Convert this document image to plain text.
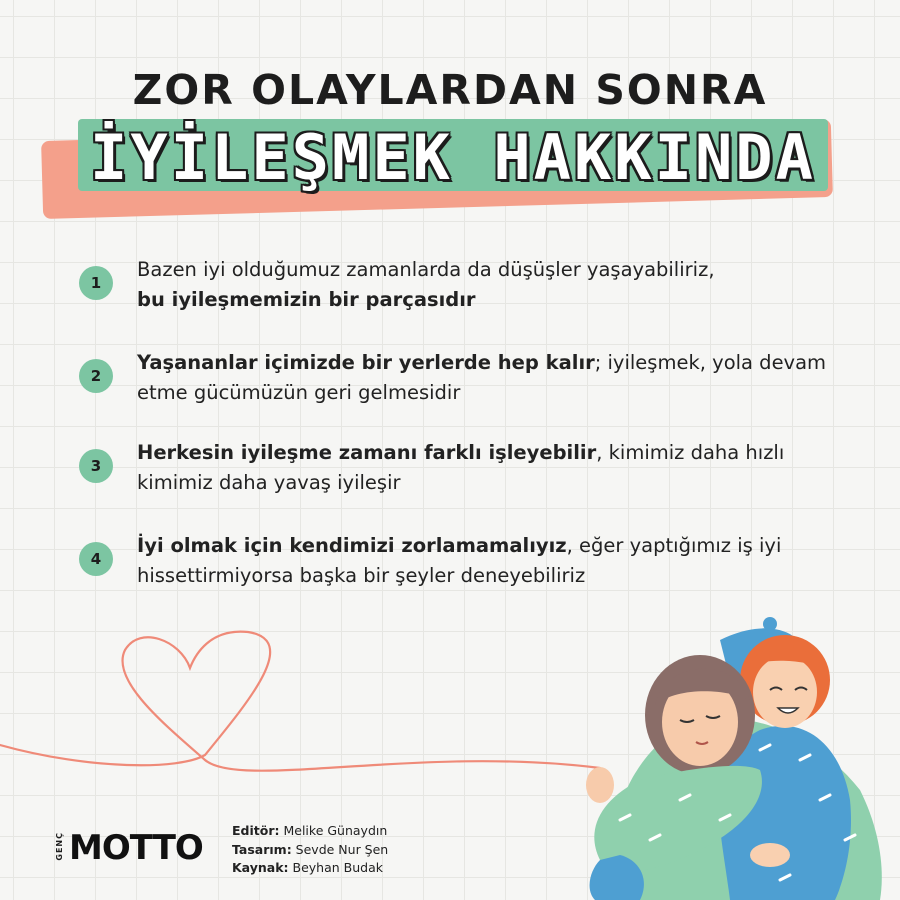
ZOR OLAYLARDAN SONRA
İYİLEŞMEK HAKKINDA
1
Bazen iyi olduğumuz zamanlarda da düşüşler yaşayabiliriz,
bu iyileşmemizin bir parçasıdır
2
Yaşananlar içimizde bir yerlerde hep kalır; iyileşmek, yola devam etme gücümüzün geri gelmesidir
3
Herkesin iyileşme zamanı farklı işleyebilir, kimimiz daha hızlı kimimiz daha yavaş iyileşir
4
İyi olmak için kendimizi zorlamamalıyız, eğer yaptığımız iş iyi hissettirmiyorsa başka bir şeyler deneyebiliriz
GENÇ MOTTO Editör: Melike Günaydın
Tasarım: Sevde Nur Şen
Kaynak: Beyhan Budak
